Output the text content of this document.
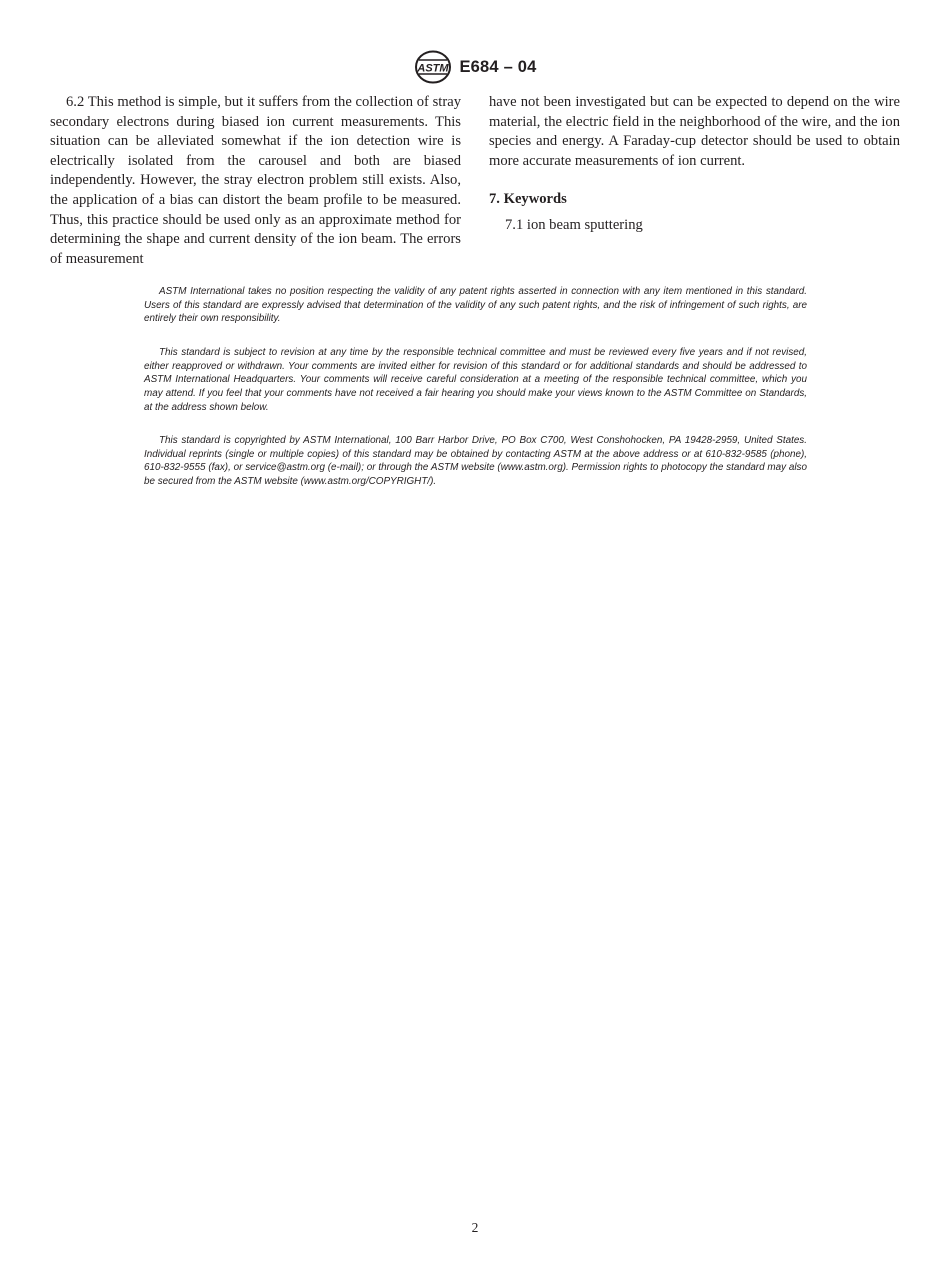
ASTM E684 – 04

6.2 This method is simple, but it suffers from the collection of stray secondary electrons during biased ion current measurements. This situation can be alleviated somewhat if the ion detection wire is electrically isolated from the carousel and both are biased independently. However, the stray electron problem still exists. Also, the application of a bias can distort the beam profile to be measured. Thus, this practice should be used only as an approximate method for determining the shape and current density of the ion beam. The errors of measurement

have not been investigated but can be expected to depend on the wire material, the electric field in the neighborhood of the wire, and the ion species and energy. A Faraday-cup detector should be used to obtain more accurate measurements of ion current.

7. Keywords

7.1 ion beam sputtering

ASTM International takes no position respecting the validity of any patent rights asserted in connection with any item mentioned in this standard. Users of this standard are expressly advised that determination of the validity of any such patent rights, and the risk of infringement of such rights, are entirely their own responsibility.

This standard is subject to revision at any time by the responsible technical committee and must be reviewed every five years and if not revised, either reapproved or withdrawn. Your comments are invited either for revision of this standard or for additional standards and should be addressed to ASTM International Headquarters. Your comments will receive careful consideration at a meeting of the responsible technical committee, which you may attend. If you feel that your comments have not received a fair hearing you should make your views known to the ASTM Committee on Standards, at the address shown below.

This standard is copyrighted by ASTM International, 100 Barr Harbor Drive, PO Box C700, West Conshohocken, PA 19428-2959, United States. Individual reprints (single or multiple copies) of this standard may be obtained by contacting ASTM at the above address or at 610-832-9585 (phone), 610-832-9555 (fax), or service@astm.org (e-mail); or through the ASTM website (www.astm.org). Permission rights to photocopy the standard may also be secured from the ASTM website (www.astm.org/COPYRIGHT/).

2
